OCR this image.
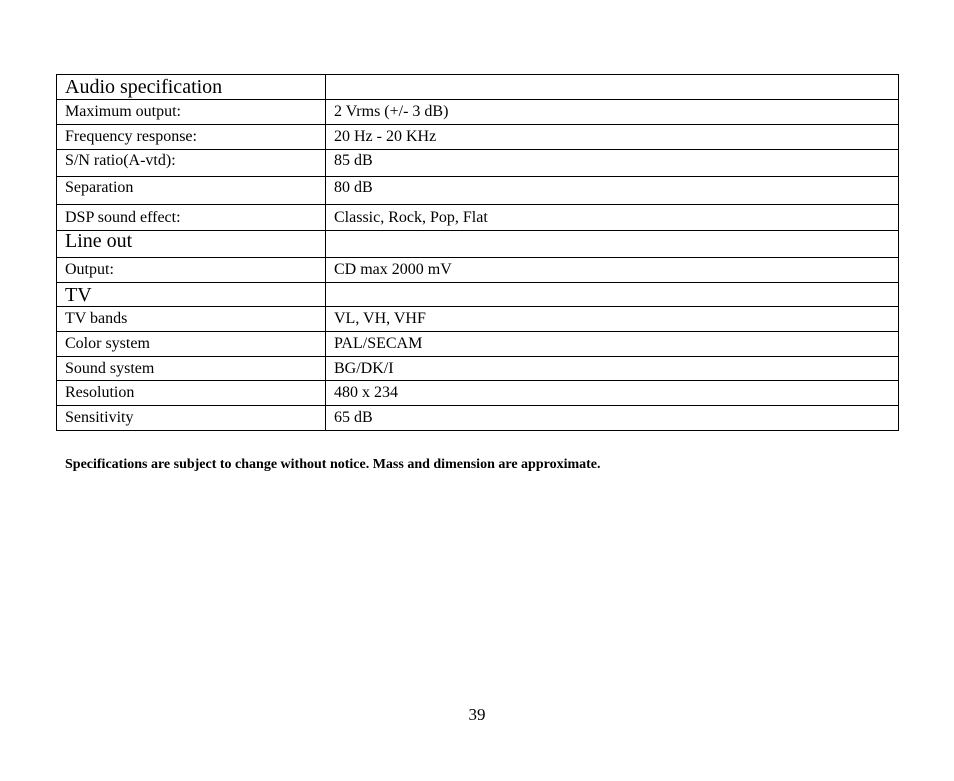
Audio specification	
Maximum output:	2 Vrms (+/- 3 dB)
Frequency response:	20 Hz - 20 KHz
S/N ratio(A-vtd):	85 dB
Separation	80 dB
DSP sound effect:	Classic, Rock, Pop, Flat
Line out	
Output:	CD max 2000 mV
TV	
TV bands	VL, VH, VHF
Color system	PAL/SECAM
Sound system	BG/DK/I
Resolution	480 x 234
Sensitivity	65 dB
Specifications are subject to change without notice. Mass and dimension are approximate.
39
